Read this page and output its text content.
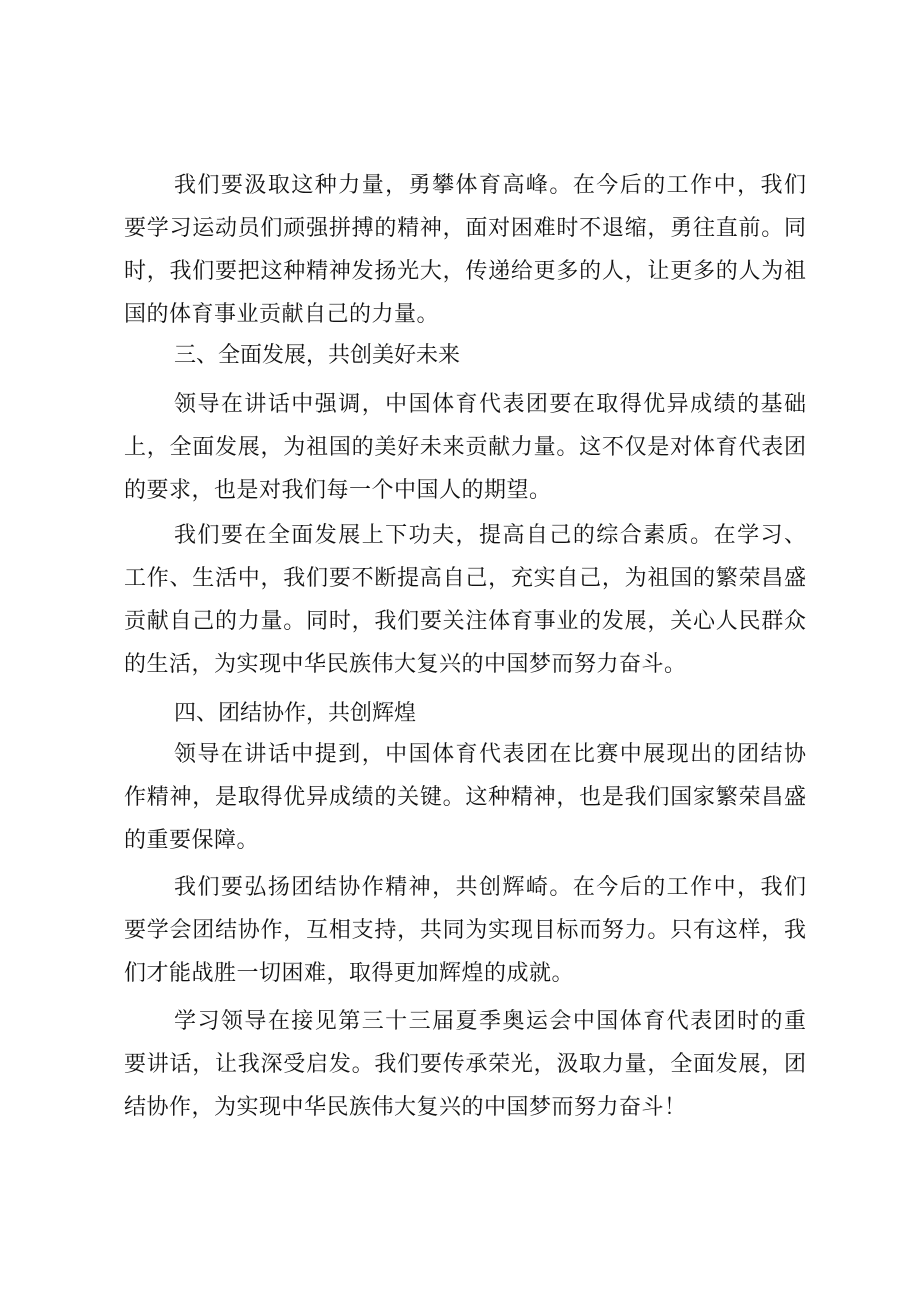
我们要汲取这种力量，勇攀体育高峰。在今后的工作中，我们
要学习运动员们顽强拼搏的精神，面对困难时不退缩，勇往直前。同
时，我们要把这种精神发扬光大，传递给更多的人，让更多的人为祖
国的体育事业贡献自己的力量。
三、全面发展，共创美好未来
领导在讲话中强调，中国体育代表团要在取得优异成绩的基础
上，全面发展，为祖国的美好未来贡献力量。这不仅是对体育代表团
的要求，也是对我们每一个中国人的期望。
我们要在全面发展上下功夫，提高自己的综合素质。在学习、
工作、生活中，我们要不断提高自己，充实自己，为祖国的繁荣昌盛
贡献自己的力量。同时，我们要关注体育事业的发展，关心人民群众
的生活，为实现中华民族伟大复兴的中国梦而努力奋斗。
四、团结协作，共创辉煌
领导在讲话中提到，中国体育代表团在比赛中展现出的团结协
作精神，是取得优异成绩的关键。这种精神，也是我们国家繁荣昌盛
的重要保障。
我们要弘扬团结协作精神，共创辉崎。在今后的工作中，我们
要学会团结协作，互相支持，共同为实现目标而努力。只有这样，我
们才能战胜一切困难，取得更加辉煌的成就。
学习领导在接见第三十三届夏季奥运会中国体育代表团时的重
要讲话，让我深受启发。我们要传承荣光，汲取力量，全面发展，团
结协作，为实现中华民族伟大复兴的中国梦而努力奋斗！
